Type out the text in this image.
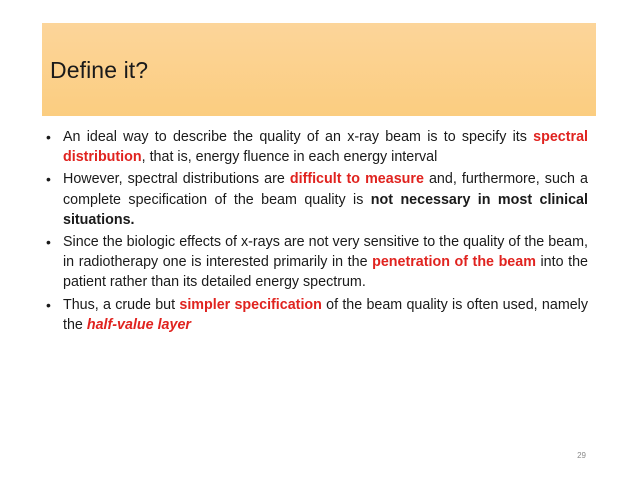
Define it?
• An ideal way to describe the quality of an x-ray beam is to specify its spectral distribution, that is, energy fluence in each energy interval
• However, spectral distributions are difficult to measure and, furthermore, such a complete specification of the beam quality is not necessary in most clinical situations.
• Since the biologic effects of x-rays are not very sensitive to the quality of the beam, in radiotherapy one is interested primarily in the penetration of the beam into the patient rather than its detailed energy spectrum.
• Thus, a crude but simpler specification of the beam quality is often used, namely the half-value layer
29
